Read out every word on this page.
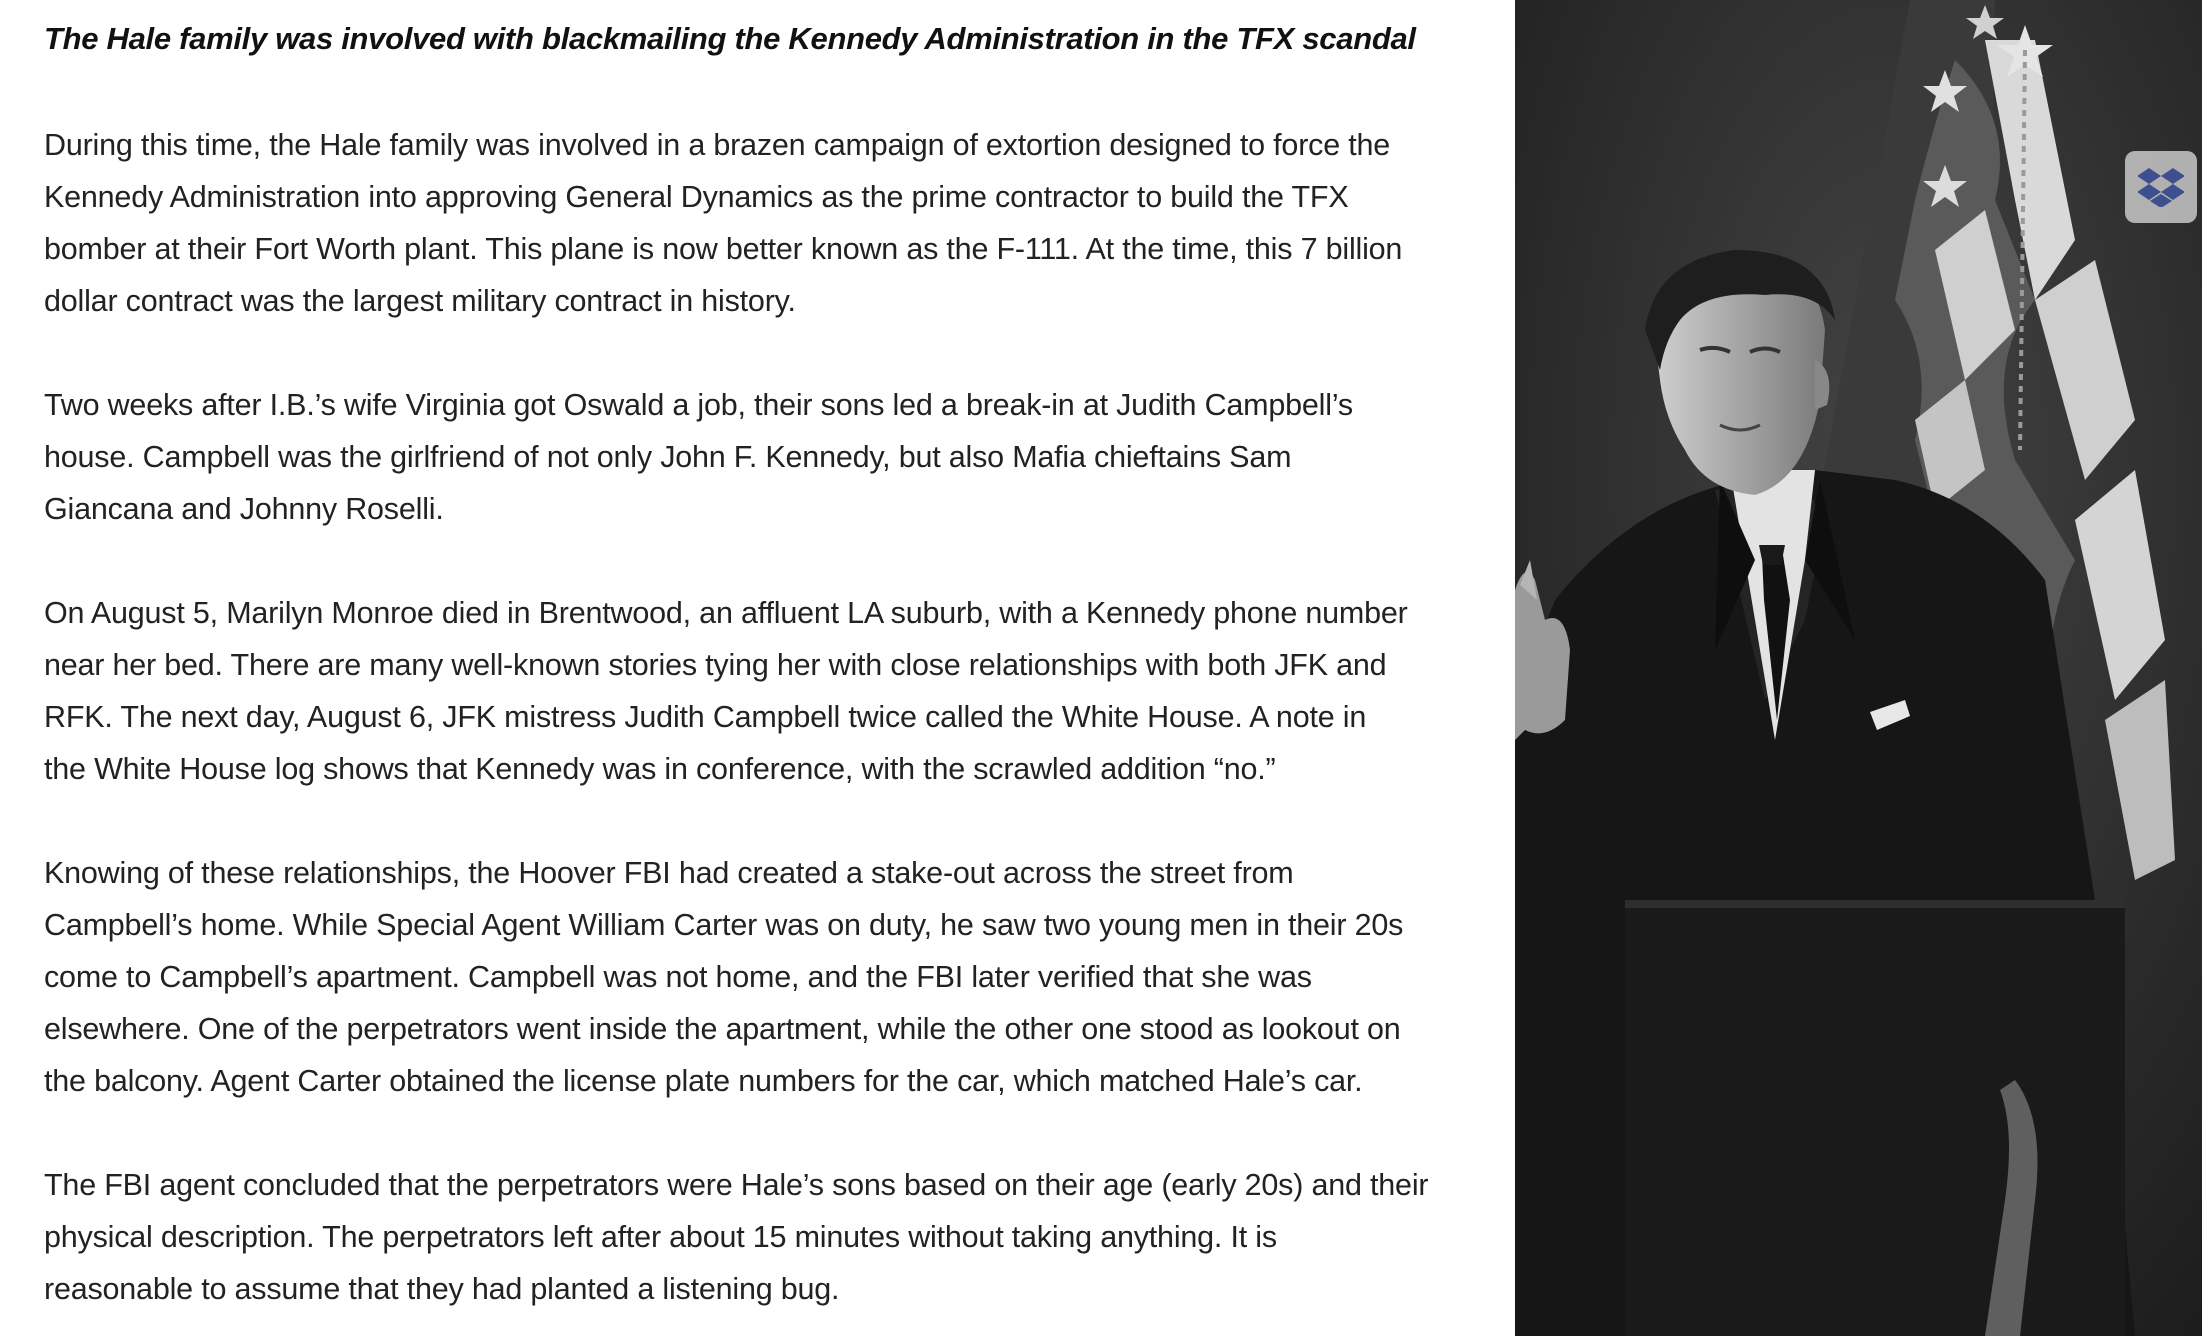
The Hale family was involved with blackmailing the Kennedy Administration in the TFX scandal

During this time, the Hale family was involved in a brazen campaign of extortion designed to force the
Kennedy Administration into approving General Dynamics as the prime contractor to build the TFX
bomber at their Fort Worth plant. This plane is now better known as the F-111. At the time, this 7 billion
dollar contract was the largest military contract in history.

Two weeks after I.B.’s wife Virginia got Oswald a job, their sons led a break-in at Judith Campbell’s
house. Campbell was the girlfriend of not only John F. Kennedy, but also Mafia chieftains Sam
Giancana and Johnny Roselli.

On August 5, Marilyn Monroe died in Brentwood, an affluent LA suburb, with a Kennedy phone number
near her bed. There are many well-known stories tying her with close relationships with both JFK and
RFK. The next day, August 6, JFK mistress Judith Campbell twice called the White House. A note in
the White House log shows that Kennedy was in conference, with the scrawled addition “no.”

Knowing of these relationships, the Hoover FBI had created a stake-out across the street from
Campbell’s home. While Special Agent William Carter was on duty, he saw two young men in their 20s
come to Campbell’s apartment. Campbell was not home, and the FBI later verified that she was
elsewhere. One of the perpetrators went inside the apartment, while the other one stood as lookout on
the balcony. Agent Carter obtained the license plate numbers for the car, which matched Hale’s car.

The FBI agent concluded that the perpetrators were Hale’s sons based on their age (early 20s) and their
physical description. The perpetrators left after about 15 minutes without taking anything. It is
reasonable to assume that they had planted a listening bug.
